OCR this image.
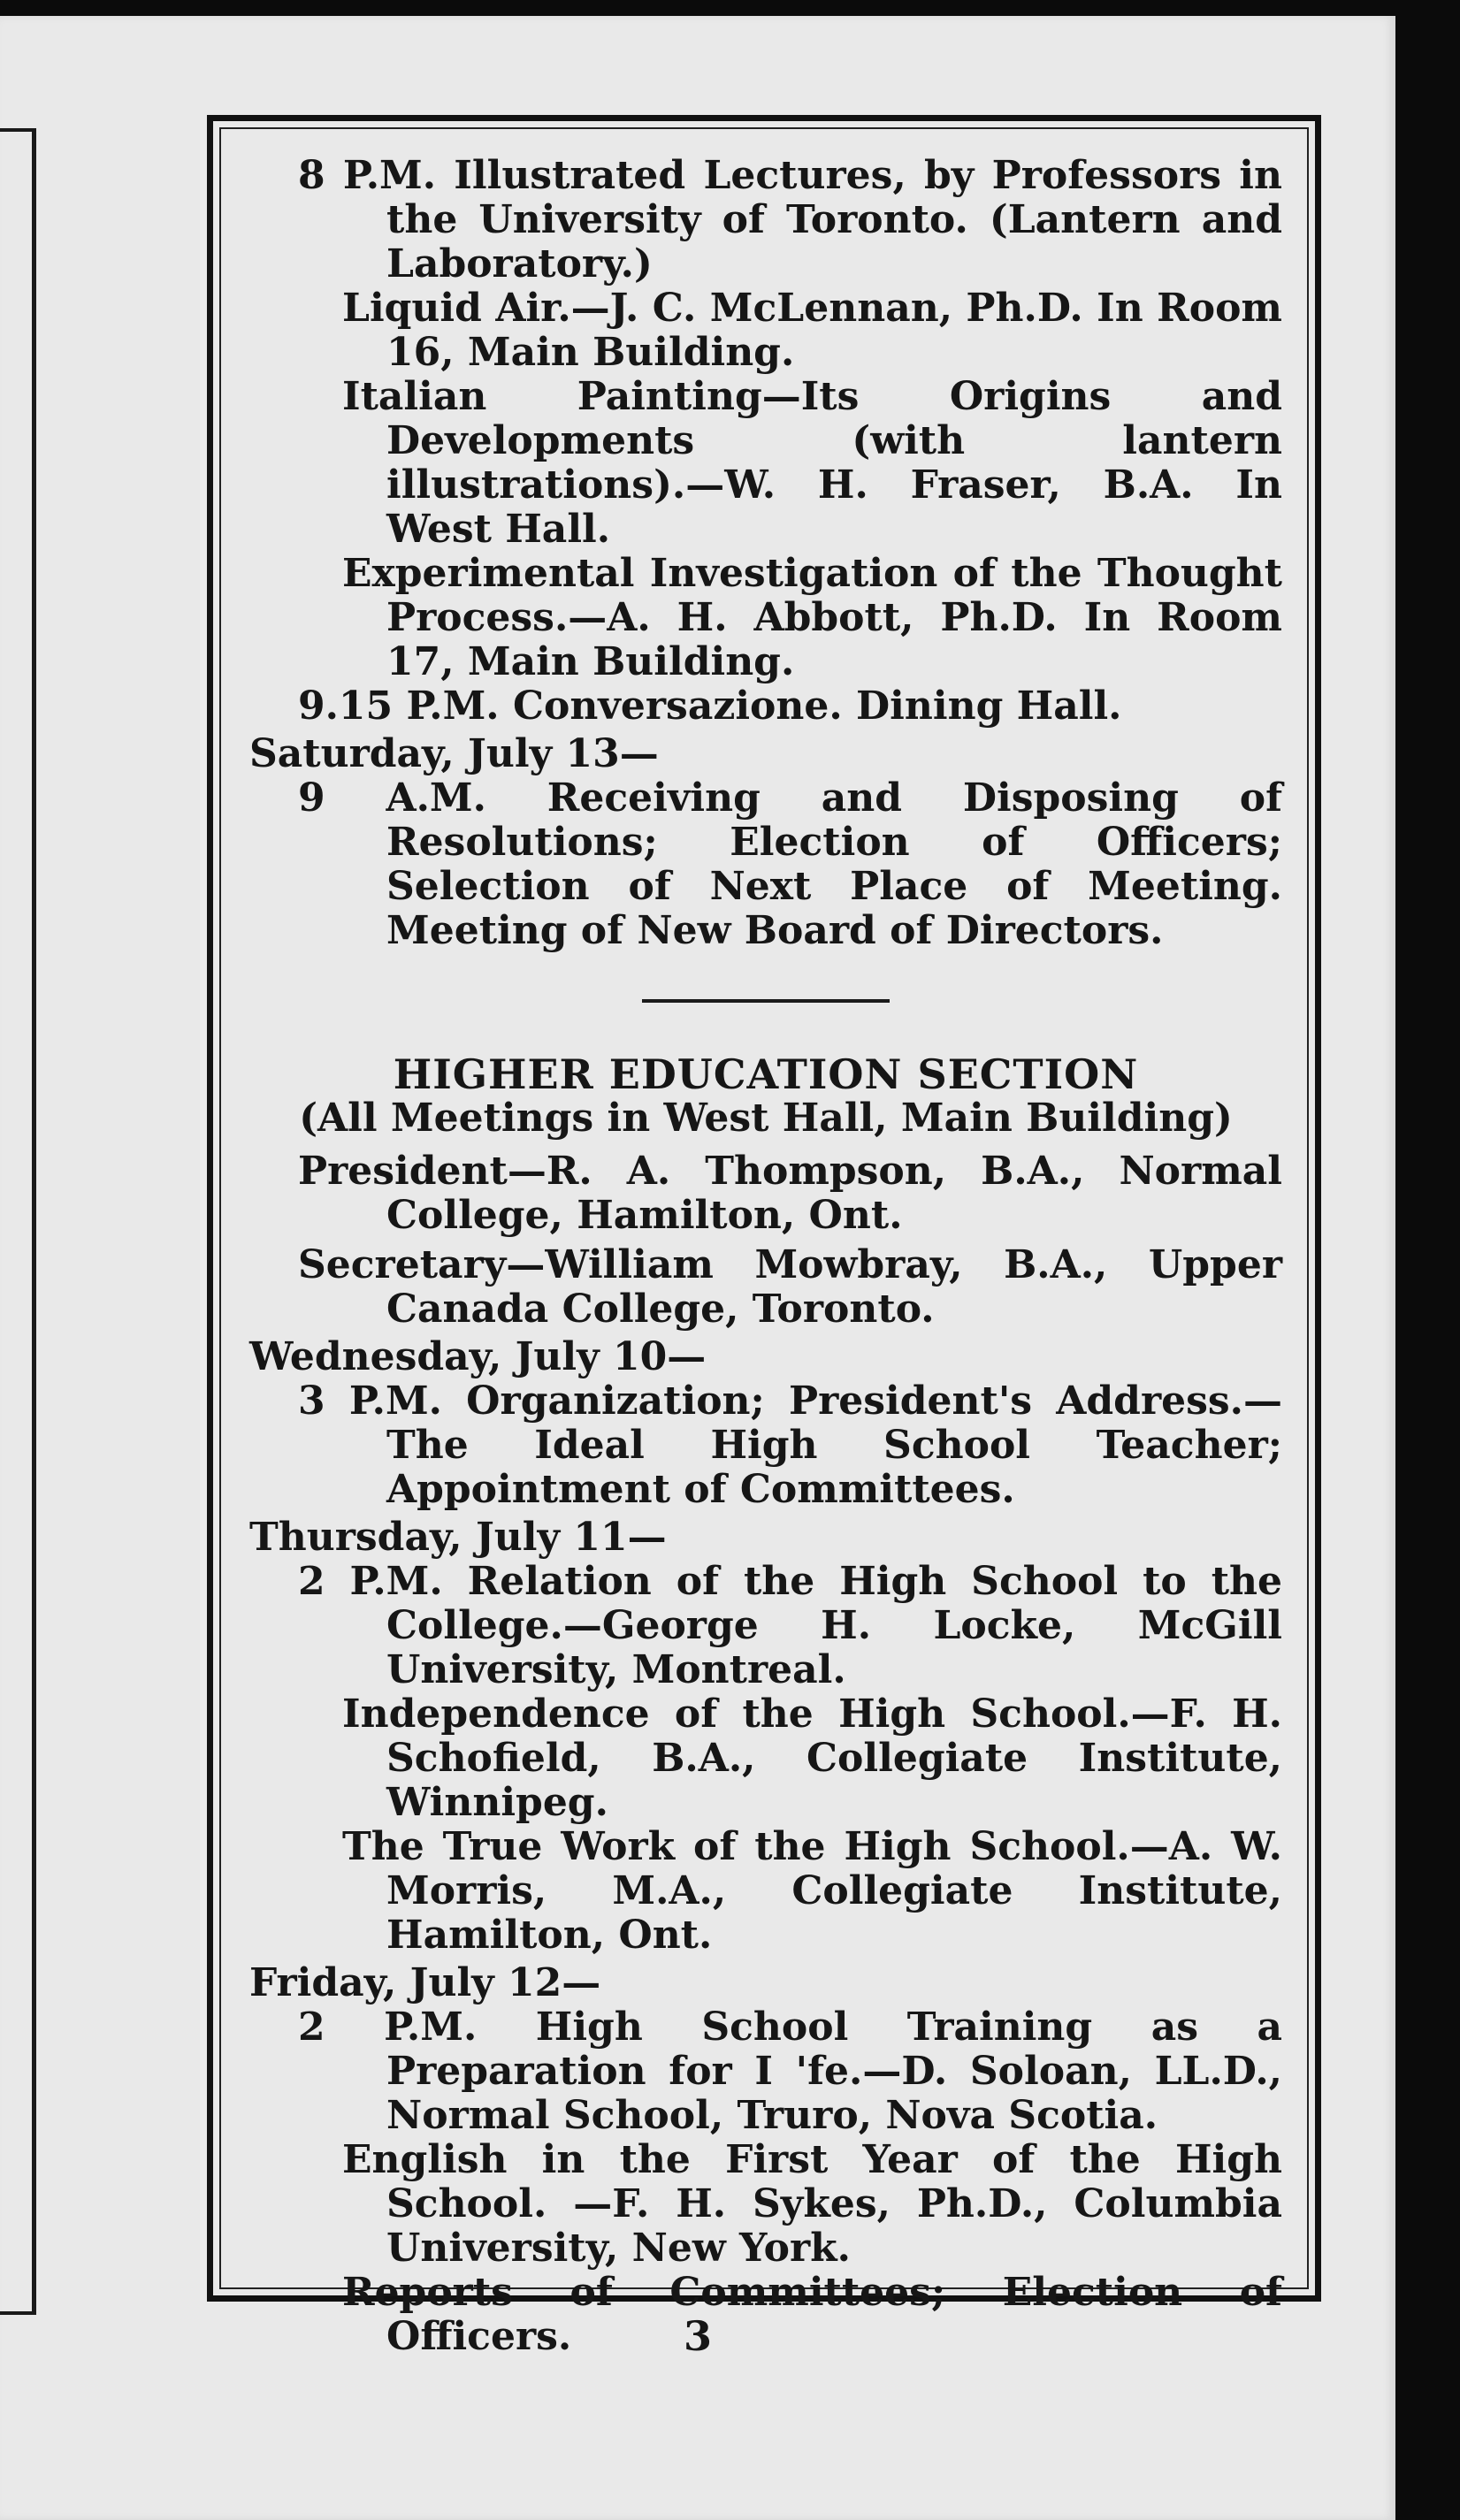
8 P.M. Illustrated Lectures, by Professors in the University of Toronto. (Lantern and Laboratory.)
Liquid Air.—J. C. McLennan, Ph.D. In Room 16, Main Building.
Italian Painting—Its Origins and Developments (with lantern illustrations).—W. H. Fraser, B.A. In West Hall.
Experimental Investigation of the Thought Process.—A. H. Abbott, Ph.D. In Room 17, Main Building.
9.15 P.M. Conversazione. Dining Hall.
Saturday, July 13—
9 A.M. Receiving and Disposing of Resolutions; Election of Officers; Selection of Next Place of Meeting. Meeting of New Board of Directors.
HIGHER EDUCATION SECTION
(All Meetings in West Hall, Main Building)
President—R. A. Thompson, B.A., Normal College, Hamilton, Ont.
Secretary—William Mowbray, B.A., Upper Canada College, Toronto.
Wednesday, July 10—
3 P.M. Organization; President's Address.—The Ideal High School Teacher; Appointment of Committees.
Thursday, July 11—
2 P.M. Relation of the High School to the College.—George H. Locke, McGill University, Montreal.
Independence of the High School.—F. H. Schofield, B.A., Collegiate Institute, Winnipeg.
The True Work of the High School.—A. W. Morris, M.A., Collegiate Institute, Hamilton, Ont.
Friday, July 12—
2 P.M. High School Training as a Preparation for I 'fe.—D. Soloan, LL.D., Normal School, Truro, Nova Scotia.
English in the First Year of the High School. —F. H. Sykes, Ph.D., Columbia University, New York.
Reports of Committees; Election of Officers.	3
